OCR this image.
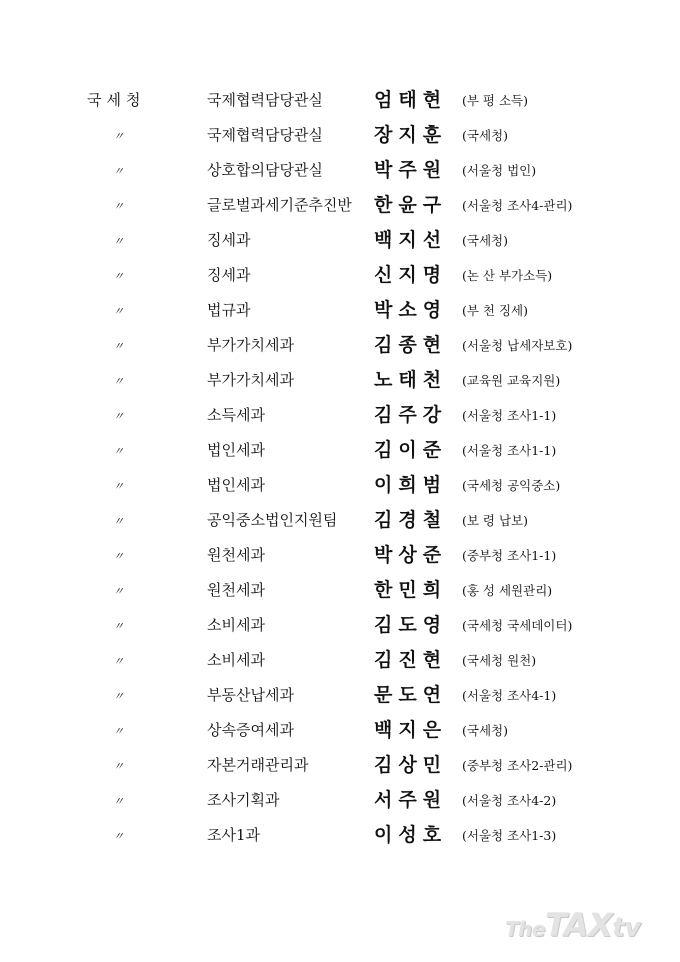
국세청	국제협력담당관실	엄태현 (부 평 소득)
〃	국제협력담당관실	장지훈 (국세청)
〃	상호합의담당관실	박주원 (서울청 법인)
〃	글로벌과세기준추진반 한윤구 (서울청 조사4-관리)
〃	징세과	백지선 (국세청)
〃	징세과	신지명 (논 산 부가소득)
〃	법규과	박소영 (부 천 징세)
〃	부가가치세과	김종현 (서울청 납세자보호)
〃	부가가치세과	노태천 (교육원 교육지원)
〃	소득세과	김주강 (서울청 조사1-1)
〃	법인세과	김이준 (서울청 조사1-1)
〃	법인세과	이희범 (국세청 공익중소)
〃	공익중소법인지원팀 김경철 (보 령 납보)
〃	원천세과	박상준 (중부청 조사1-1)
〃	원천세과	한민희 (홍 성 세원관리)
〃	소비세과	김도영 (국세청 국세데이터)
〃	소비세과	김진현 (국세청 원천)
〃	부동산납세과	문도연 (서울청 조사4-1)
〃	상속증여세과	백지은 (국세청)
〃	자본거래관리과	김상민 (중부청 조사2-관리)
〃	조사기획과	서주원 (서울청 조사4-2)
〃	조사1과	이성호 (서울청 조사1-3)
TheTAXtv
